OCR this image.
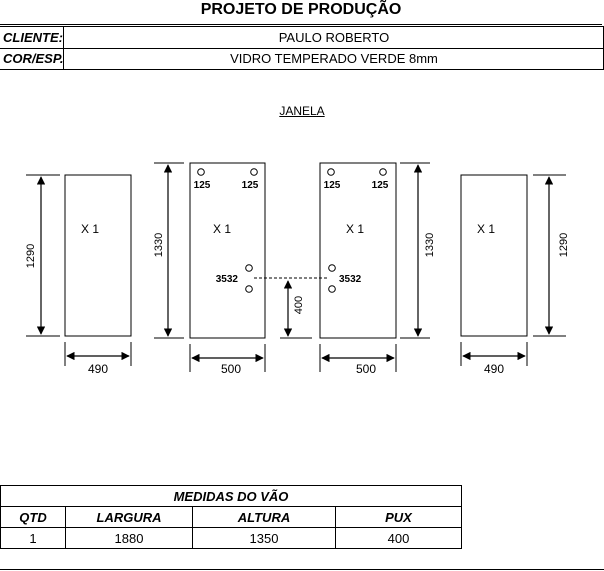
PROJETO DE PRODUÇÃO
CLIENTE:	PAULO ROBERTO
COR/ESP.	VIDRO TEMPERADO VERDE 8mm
JANELA
1290
X 1
490
1330
X 1
125	125
3532
500
400
1330
X 1
125	125
3532
500
1290
X 1
490
MEDIDAS DO VÃO			
QTD	LARGURA	ALTURA	PUX
1	1880	1350	400
